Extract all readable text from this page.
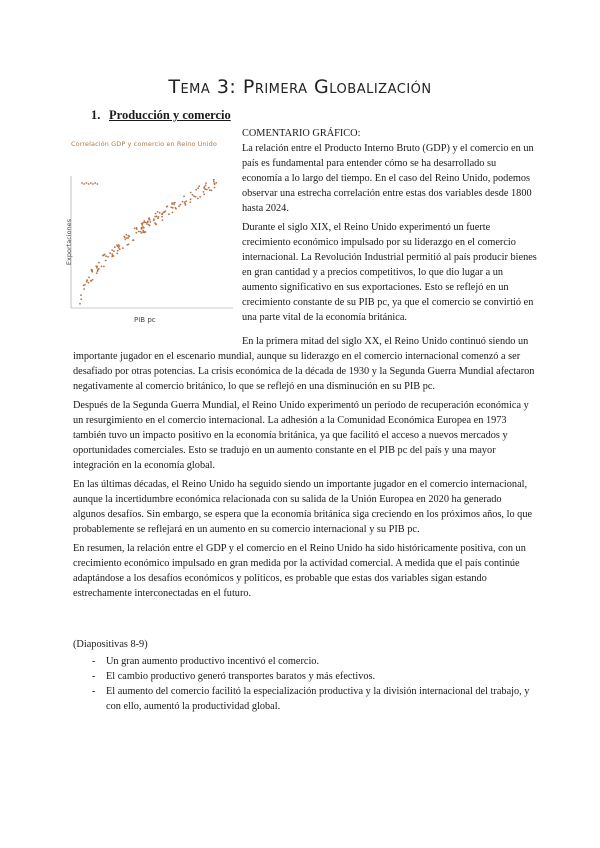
Tema 3: Primera Globalización
1. Producción y comercio
Correlación GDP y comercio en Reino Unido
Exportaciones
PIB pc

COMENTARIO GRÁFICO:

La relación entre el Producto Interno Bruto (GDP) y el comercio en un país es fundamental para entender cómo se ha desarrollado su economía a lo largo del tiempo. En el caso del Reino Unido, podemos observar una estrecha correlación entre estas dos variables desde 1800 hasta 2024.

Durante el siglo XIX, el Reino Unido experimentó un fuerte crecimiento económico impulsado por su liderazgo en el comercio internacional. La Revolución Industrial permitió al país producir bienes en gran cantidad y a precios competitivos, lo que dio lugar a un aumento significativo en sus exportaciones. Esto se reflejó en un crecimiento constante de su PIB pc, ya que el comercio se convirtió en una parte vital de la economía británica.

En la primera mitad del siglo XX, el Reino Unido continuó siendo un importante jugador en el escenario mundial, aunque su liderazgo en el comercio internacional comenzó a ser desafiado por otras potencias. La crisis económica de la década de 1930 y la Segunda Guerra Mundial afectaron negativamente al comercio británico, lo que se reflejó en una disminución en su PIB pc.

Después de la Segunda Guerra Mundial, el Reino Unido experimentó un período de recuperación económica y un resurgimiento en el comercio internacional. La adhesión a la Comunidad Económica Europea en 1973 también tuvo un impacto positivo en la economía británica, ya que facilitó el acceso a nuevos mercados y oportunidades comerciales. Esto se tradujo en un aumento constante en el PIB pc del país y una mayor integración en la economía global.

En las últimas décadas, el Reino Unido ha seguido siendo un importante jugador en el comercio internacional, aunque la incertidumbre económica relacionada con su salida de la Unión Europea en 2020 ha generado algunos desafíos. Sin embargo, se espera que la economía británica siga creciendo en los próximos años, lo que probablemente se reflejará en un aumento en su comercio internacional y su PIB pc.

En resumen, la relación entre el GDP y el comercio en el Reino Unido ha sido históricamente positiva, con un crecimiento económico impulsado en gran medida por la actividad comercial. A medida que el país continúe adaptándose a los desafíos económicos y políticos, es probable que estas dos variables sigan estando estrechamente interconectadas en el futuro.

(Diapositivas 8-9)
- Un gran aumento productivo incentivó el comercio.
- El cambio productivo generó transportes baratos y más efectivos.
- El aumento del comercio facilitó la especialización productiva y la división internacional del trabajo, y con ello, aumentó la productividad global.
